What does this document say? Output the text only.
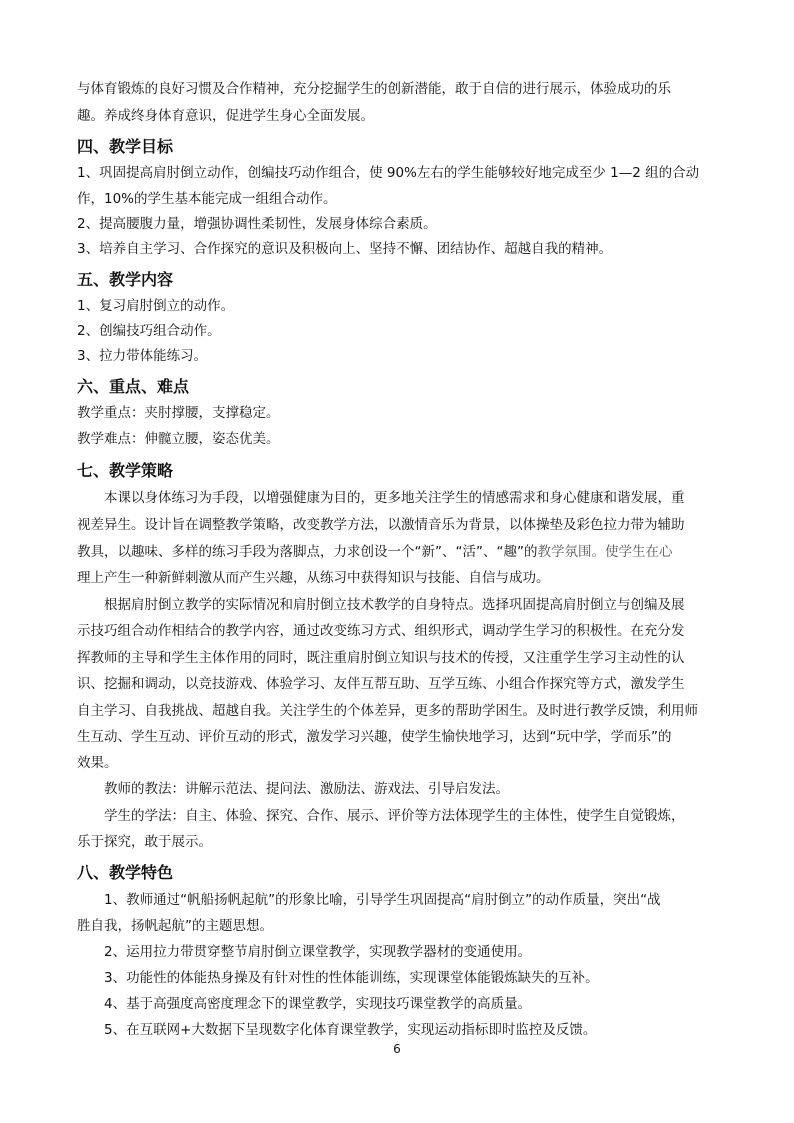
与体育锻炼的良好习惯及合作精神，充分挖掘学生的创新潜能，敢于自信的进行展示，体验成功的乐

趣。养成终身体育意识，促进学生身心全面发展。

四、教学目标

1、巩固提高肩肘倒立动作，创编技巧动作组合，使 90%左右的学生能够较好地完成至少 1—2 组的合动

作，10%的学生基本能完成一组组合动作。

2、提高腰腹力量，增强协调性柔韧性，发展身体综合素质。

3、培养自主学习、合作探究的意识及积极向上、坚持不懈、团结协作、超越自我的精神。

五、教学内容

1、复习肩肘倒立的动作。

2、创编技巧组合动作。

3、拉力带体能练习。

六、重点、难点

教学重点：夹肘撑腰，支撑稳定。

教学难点：伸髋立腰，姿态优美。

七、教学策略

本课以身体练习为手段，以增强健康为目的，更多地关注学生的情感需求和身心健康和谐发展，重

视差异生。设计旨在调整教学策略，改变教学方法，以激情音乐为背景，以体操垫及彩色拉力带为辅助

教具，以趣味、多样的练习手段为落脚点，力求创设一个“新”、“活”、“趣”的教学氛围。使学生在心

理上产生一种新鲜刺激从而产生兴趣，从练习中获得知识与技能、自信与成功。

根据肩肘倒立教学的实际情况和肩肘倒立技术教学的自身特点。选择巩固提高肩肘倒立与创编及展

示技巧组合动作相结合的教学内容，通过改变练习方式、组织形式，调动学生学习的积极性。在充分发

挥教师的主导和学生主体作用的同时，既注重肩肘倒立知识与技术的传授，又注重学生学习主动性的认

识、挖掘和调动，以竞技游戏、体验学习、友伴互帮互助、互学互练、小组合作探究等方式，激发学生

自主学习、自我挑战、超越自我。关注学生的个体差异，更多的帮助学困生。及时进行教学反馈，利用师

生互动、学生互动、评价互动的形式，激发学习兴趣，使学生愉快地学习，达到“玩中学，学而乐”的

效果。

教师的教法：讲解示范法、提问法、激励法、游戏法、引导启发法。

学生的学法：自主、体验、探究、合作、展示、评价等方法体现学生的主体性，使学生自觉锻炼，

乐于探究，敢于展示。

八、教学特色

1、教师通过“帆船扬帆起航”的形象比喻，引导学生巩固提高“肩肘倒立”的动作质量，突出“战

胜自我，扬帆起航”的主题思想。

2、运用拉力带贯穿整节肩肘倒立课堂教学，实现教学器材的变通使用。

3、功能性的体能热身操及有针对性的性体能训练，实现课堂体能锻炼缺失的互补。

4、基于高强度高密度理念下的课堂教学，实现技巧课堂教学的高质量。

5、在互联网+大数据下呈现数字化体育课堂教学，实现运动指标即时监控及反馈。

6
